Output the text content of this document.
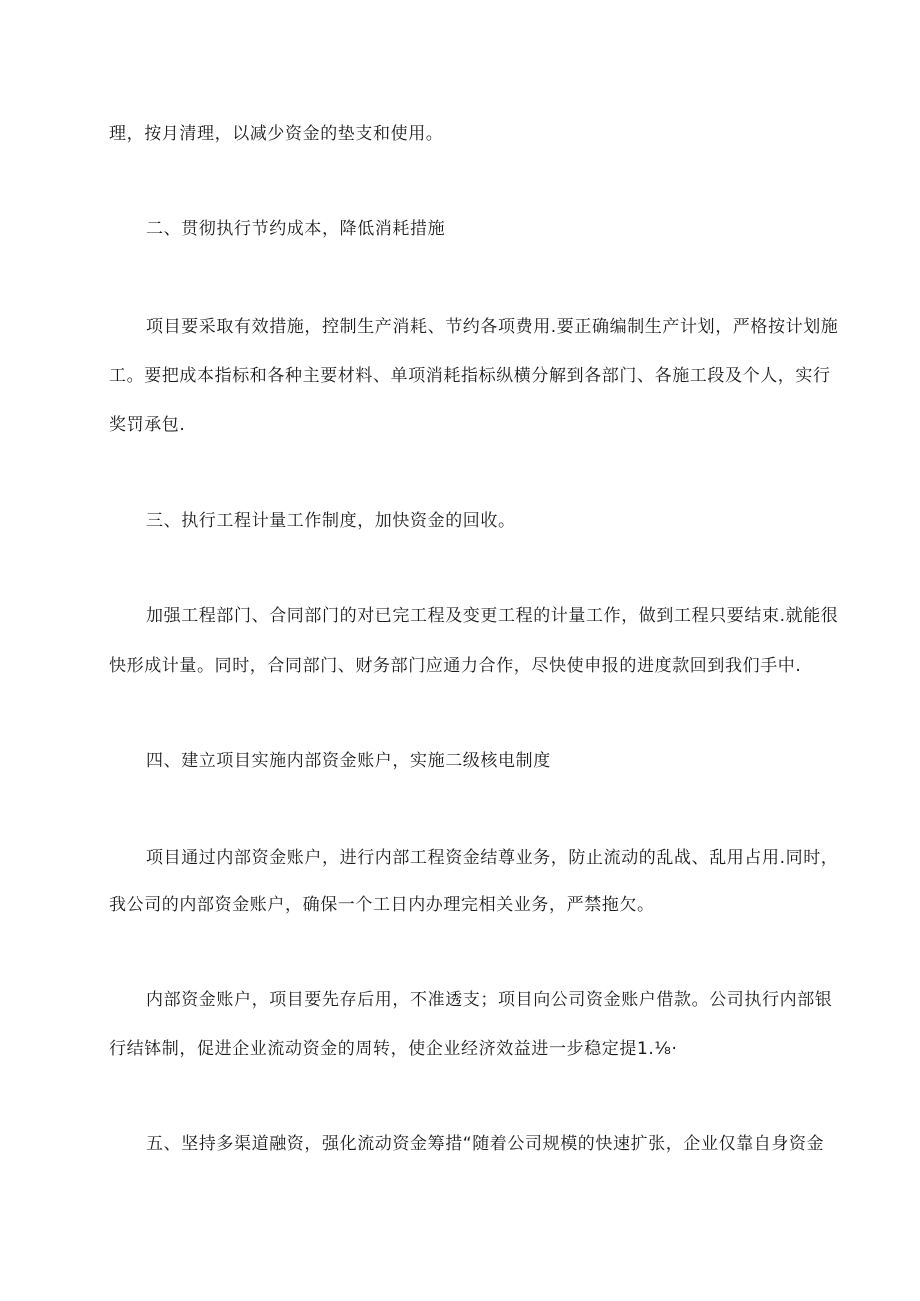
理，按月清理，以减少资金的垫支和使用。
二、贯彻执行节约成本，降低消耗措施
项目要采取有效措施，控制生产消耗、节约各项费用.要正确编制生产计划，严格按计划施
工。要把成本指标和各种主要材料、单项消耗指标纵横分解到各部门、各施工段及个人，实行
奖罚承包.
三、执行工程计量工作制度，加快资金的回收。
加强工程部门、合同部门的对已完工程及变更工程的计量工作，做到工程只要结束.就能很
快形成计量。同时，合同部门、财务部门应通力合作，尽快使申报的进度款回到我们手中.
四、建立项目实施内部资金账户，实施二级核电制度
项目通过内部资金账户，进行内部工程资金结尊业务，防止流动的乱战、乱用占用.同时，
我公司的内部资金账户，确保一个工日内办理完相关业务，严禁拖欠。
内部资金账户，项目要先存后用，不准透支；项目向公司资金账户借款。公司执行内部银
行结钵制，促进企业流动资金的周转，使企业经济效益进一步稳定提1.⅛·
五、坚持多渠道融资，强化流动资金筹措“随着公司规模的快速扩张，企业仅靠自身资金
